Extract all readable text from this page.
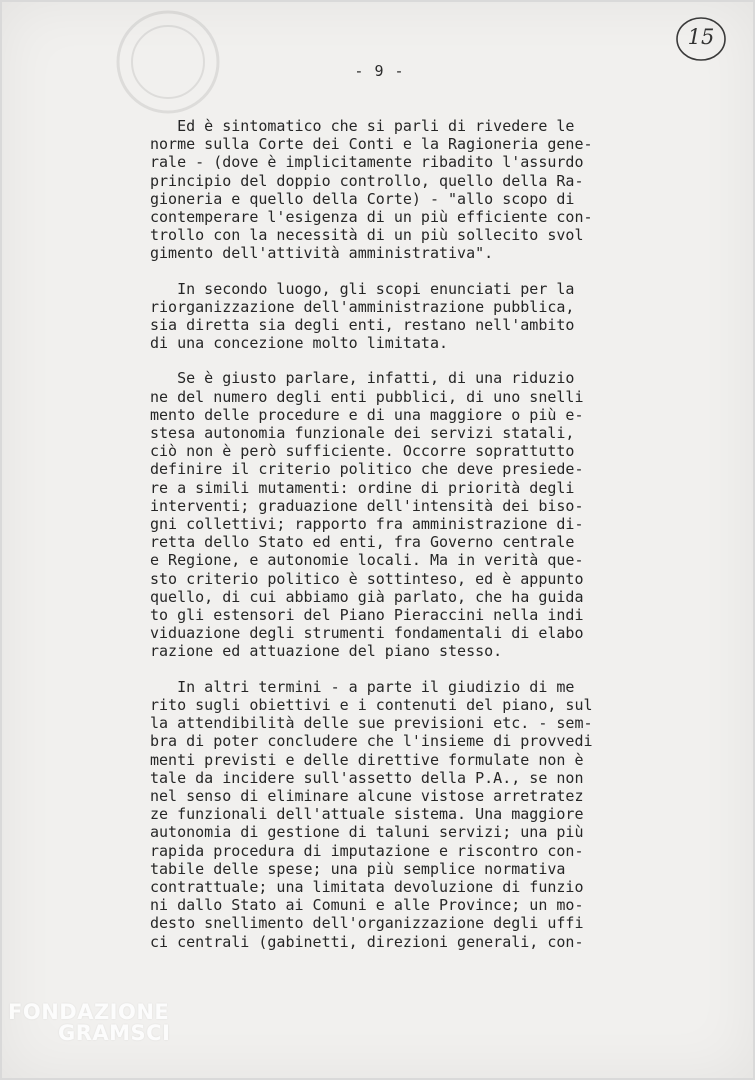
- 9 -
15

Ed è sintomatico che si parli di rivedere le
norme sulla Corte dei Conti e la Ragioneria gene-
rale - (dove è implicitamente ribadito l'assurdo
principio del doppio controllo, quello della Ra-
gioneria e quello della Corte) - "allo scopo di
contemperare l'esigenza di un più efficiente con-
trollo con la necessità di un più sollecito svol
gimento dell'attività amministrativa".

In secondo luogo, gli scopi enunciati per la
riorganizzazione dell'amministrazione pubblica,
sia diretta sia degli enti, restano nell'ambito
di una concezione molto limitata.

Se è giusto parlare, infatti, di una riduzio
ne del numero degli enti pubblici, di uno snelli
mento delle procedure e di una maggiore o più e-
stesa autonomia funzionale dei servizi statali,
ciò non è però sufficiente. Occorre soprattutto
definire il criterio politico che deve presiede-
re a simili mutamenti: ordine di priorità degli
interventi; graduazione dell'intensità dei biso-
gni collettivi; rapporto fra amministrazione di-
retta dello Stato ed enti, fra Governo centrale
e Regione, e autonomie locali. Ma in verità que-
sto criterio politico è sottinteso, ed è appunto
quello, di cui abbiamo già parlato, che ha guida
to gli estensori del Piano Pieraccini nella indi
viduazione degli strumenti fondamentali di elabo
razione ed attuazione del piano stesso.

In altri termini - a parte il giudizio di me
rito sugli obiettivi e i contenuti del piano, sul
la attendibilità delle sue previsioni etc. - sem-
bra di poter concludere che l'insieme di provvedi
menti previsti e delle direttive formulate non è
tale da incidere sull'assetto della P.A., se non
nel senso di eliminare alcune vistose arretratez
ze funzionali dell'attuale sistema. Una maggiore
autonomia di gestione di taluni servizi; una più
rapida procedura di imputazione e riscontro con-
tabile delle spese; una più semplice normativa
contrattuale; una limitata devoluzione di funzio
ni dallo Stato ai Comuni e alle Province; un mo-
desto snellimento dell'organizzazione degli uffi
ci centrali (gabinetti, direzioni generali, con-

FONDAZIONE
GRAMSCI
